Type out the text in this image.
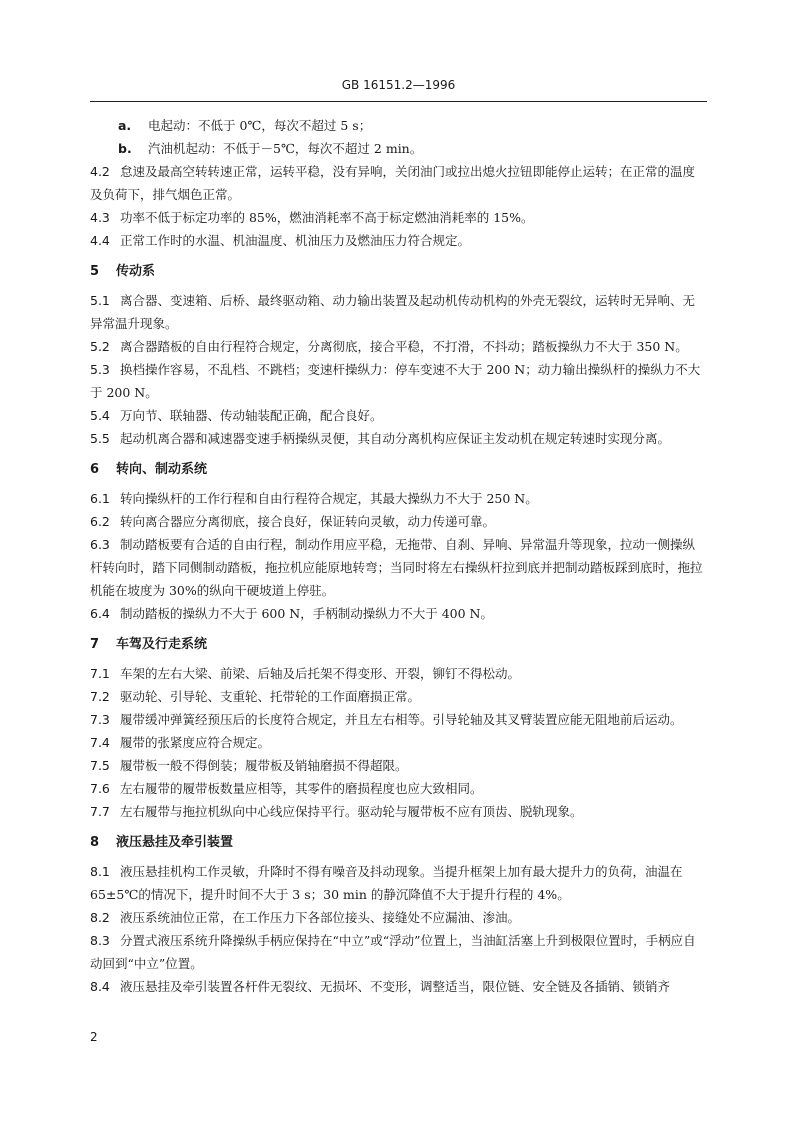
GB 16151.2—1996

a. 电起动：不低于 0℃，每次不超过 5 s；

b. 汽油机起动：不低于－5℃，每次不超过 2 min。

4.2 怠速及最高空转转速正常，运转平稳，没有异响，关闭油门或拉出熄火拉钮即能停止运转；在正常的温度及负荷下，排气烟色正常。

4.3 功率不低于标定功率的 85%，燃油消耗率不高于标定燃油消耗率的 15%。

4.4 正常工作时的水温、机油温度、机油压力及燃油压力符合规定。

5 传动系

5.1 离合器、变速箱、后桥、最终驱动箱、动力输出装置及起动机传动机构的外壳无裂纹，运转时无异响、无异常温升现象。

5.2 离合器踏板的自由行程符合规定，分离彻底，接合平稳，不打滑，不抖动；踏板操纵力不大于 350 N。

5.3 换档操作容易，不乱档、不跳档；变速杆操纵力：停车变速不大于 200 N；动力输出操纵杆的操纵力不大于 200 N。

5.4 万向节、联轴器、传动轴装配正确，配合良好。

5.5 起动机离合器和减速器变速手柄操纵灵便，其自动分离机构应保证主发动机在规定转速时实现分离。

6 转向、制动系统

6.1 转向操纵杆的工作行程和自由行程符合规定，其最大操纵力不大于 250 N。

6.2 转向离合器应分离彻底，接合良好，保证转向灵敏，动力传递可靠。

6.3 制动踏板要有合适的自由行程，制动作用应平稳，无拖带、自刹、异响、异常温升等现象，拉动一侧操纵杆转向时，踏下同侧制动踏板，拖拉机应能原地转弯；当同时将左右操纵杆拉到底并把制动踏板踩到底时，拖拉机能在坡度为 30%的纵向干硬坡道上停驻。

6.4 制动踏板的操纵力不大于 600 N，手柄制动操纵力不大于 400 N。

7 车驾及行走系统

7.1 车架的左右大梁、前梁、后轴及后托架不得变形、开裂，铆钉不得松动。

7.2 驱动轮、引导轮、支重轮、托带轮的工作面磨损正常。

7.3 履带缓冲弹簧经预压后的长度符合规定，并且左右相等。引导轮轴及其叉臂装置应能无阻地前后运动。

7.4 履带的张紧度应符合规定。

7.5 履带板一般不得倒装；履带板及销轴磨损不得超限。

7.6 左右履带的履带板数量应相等，其零件的磨损程度也应大致相同。

7.7 左右履带与拖拉机纵向中心线应保持平行。驱动轮与履带板不应有顶齿、脱轨现象。

8 液压悬挂及牵引装置

8.1 液压悬挂机构工作灵敏，升降时不得有噪音及抖动现象。当提升框架上加有最大提升力的负荷，油温在 65±5℃的情况下，提升时间不大于 3 s；30 min 的静沉降值不大于提升行程的 4%。

8.2 液压系统油位正常，在工作压力下各部位接头、接缝处不应漏油、渗油。

8.3 分置式液压系统升降操纵手柄应保持在“中立”或“浮动”位置上，当油缸活塞上升到极限位置时，手柄应自动回到“中立”位置。

8.4 液压悬挂及牵引装置各杆件无裂纹、无损坏、不变形，调整适当，限位链、安全链及各插销、锁销齐

2
